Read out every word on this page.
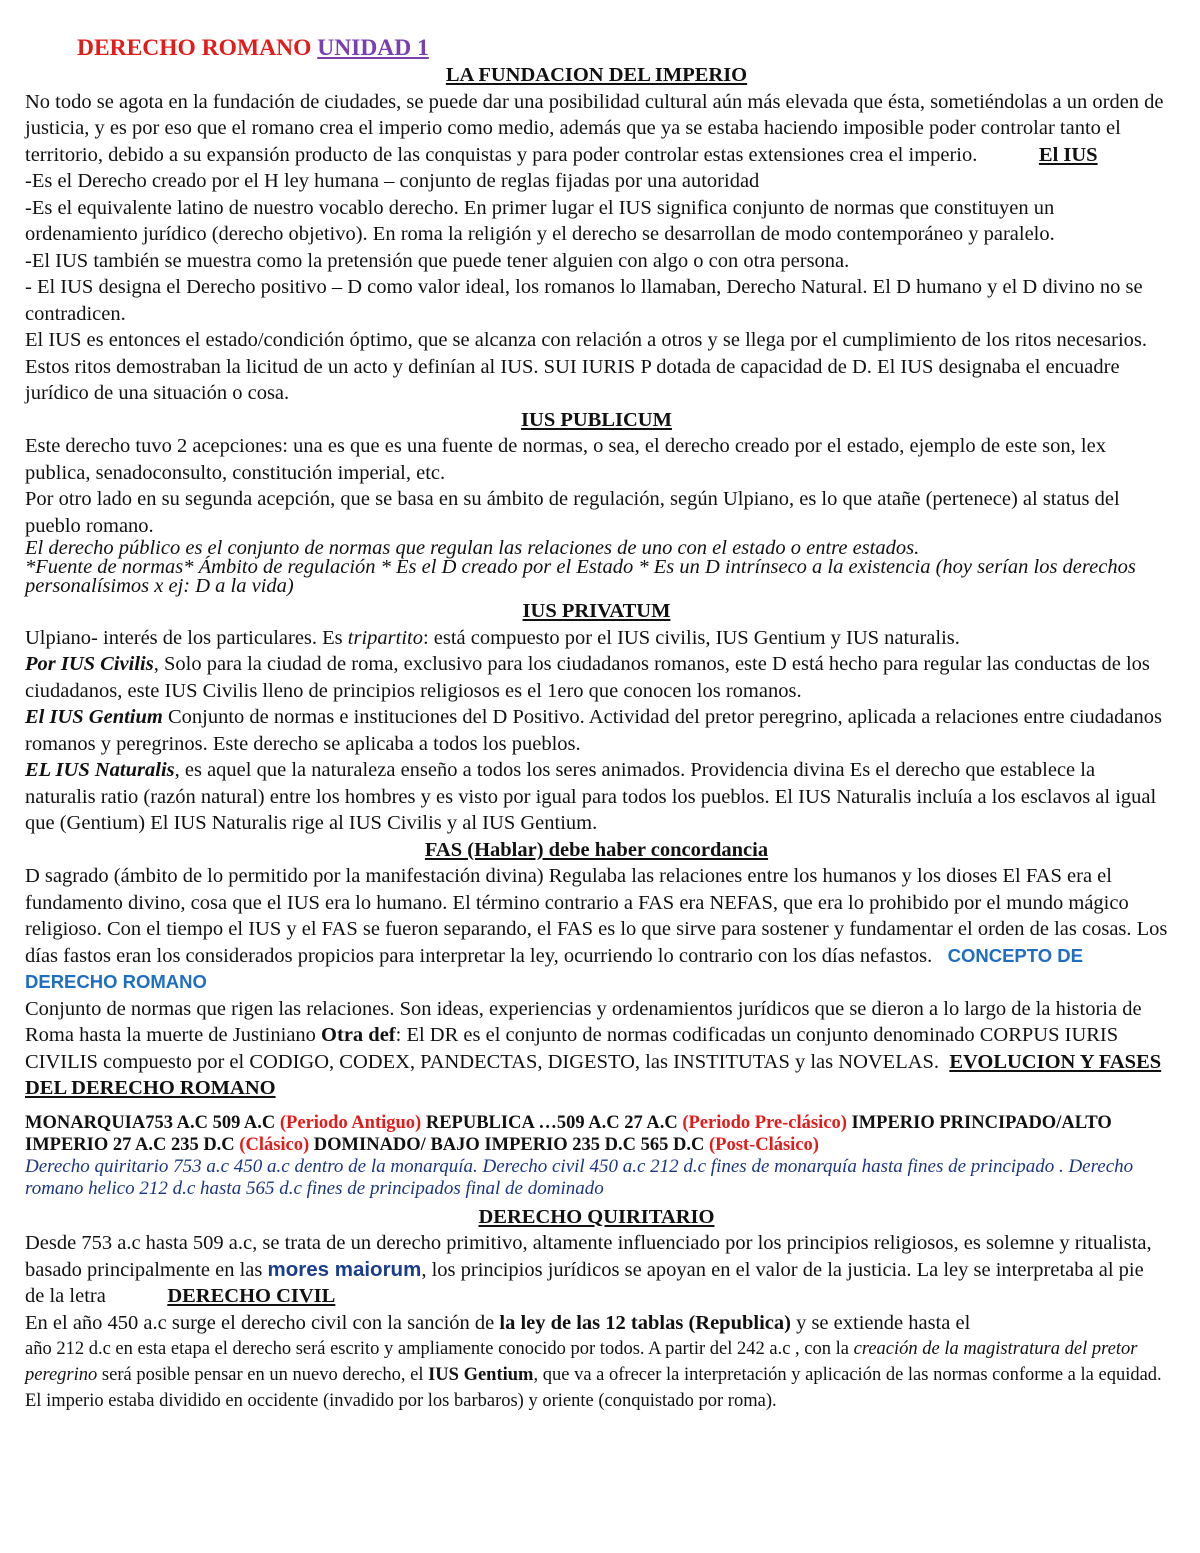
DERECHO ROMANO UNIDAD 1

LA FUNDACION DEL IMPERIO

No todo se agota en la fundación de ciudades, se puede dar una posibilidad cultural aún más elevada que ésta, sometiéndolas a un orden de justicia, y es por eso que el romano crea el imperio como medio, además que ya se estaba haciendo imposible poder controlar tanto el territorio, debido a su expansión producto de las conquistas y para poder controlar estas extensiones crea el imperio.	El IUS

-Es el Derecho creado por el H ley humana – conjunto de reglas fijadas por una autoridad

-Es el equivalente latino de nuestro vocablo derecho. En primer lugar el IUS significa conjunto de normas que constituyen un ordenamiento jurídico (derecho objetivo). En roma la religión y el derecho se desarrollan de modo contemporáneo y paralelo.

-El IUS también se muestra como la pretensión que puede tener alguien con algo o con otra persona.

- El IUS designa el Derecho positivo – D como valor ideal, los romanos lo llamaban, Derecho Natural. El D humano y el D divino no se contradicen.

El IUS es entonces el estado/condición óptimo, que se alcanza con relación a otros y se llega por el cumplimiento de los ritos necesarios. Estos ritos demostraban la licitud de un acto y definían al IUS. SUI IURIS P dotada de capacidad de D. El IUS designaba el encuadre jurídico de una situación o cosa.

IUS PUBLICUM

Este derecho tuvo 2 acepciones: una es que es una fuente de normas, o sea, el derecho creado por el estado, ejemplo de este son, lex publica, senadoconsulto, constitución imperial, etc.

Por otro lado en su segunda acepción, que se basa en su ámbito de regulación, según Ulpiano, es lo que atañe (pertenece) al status del pueblo romano.

El derecho público es el conjunto de normas que regulan las relaciones de uno con el estado o entre estados.

*Fuente de normas* Ámbito de regulación * Es el D creado por el Estado * Es un D intrínseco a la existencia (hoy serían los derechos personalísimos x ej: D a la vida)

IUS PRIVATUM

Ulpiano- interés de los particulares. Es tripartito: está compuesto por el IUS civilis, IUS Gentium y IUS naturalis.

Por IUS Civilis, Solo para la ciudad de roma, exclusivo para los ciudadanos romanos, este D está hecho para regular las conductas de los ciudadanos, este IUS Civilis lleno de principios religiosos es el 1ero que conocen los romanos.

El IUS Gentium Conjunto de normas e instituciones del D Positivo. Actividad del pretor peregrino, aplicada a relaciones entre ciudadanos romanos y peregrinos. Este derecho se aplicaba a todos los pueblos.

EL IUS Naturalis, es aquel que la naturaleza enseño a todos los seres animados. Providencia divina Es el derecho que establece la naturalis ratio (razón natural) entre los hombres y es visto por igual para todos los pueblos. El IUS Naturalis incluía a los esclavos al igual que (Gentium) El IUS Naturalis rige al IUS Civilis y al IUS Gentium.

FAS (Hablar) debe haber concordancia

D sagrado (ámbito de lo permitido por la manifestación divina) Regulaba las relaciones entre los humanos y los dioses El FAS era el fundamento divino, cosa que el IUS era lo humano. El término contrario a FAS era NEFAS, que era lo prohibido por el mundo mágico religioso. Con el tiempo el IUS y el FAS se fueron separando, el FAS es lo que sirve para sostener y fundamentar el orden de las cosas. Los días fastos eran los considerados propicios para interpretar la ley, ocurriendo lo contrario con los días nefastos. CONCEPTO DE DERECHO ROMANO

Conjunto de normas que rigen las relaciones. Son ideas, experiencias y ordenamientos jurídicos que se dieron a lo largo de la historia de Roma hasta la muerte de Justiniano Otra def: El DR es el conjunto de normas codificadas un conjunto denominado CORPUS IURIS CIVILIS compuesto por el CODIGO, CODEX, PANDECTAS, DIGESTO, las INSTITUTAS y las NOVELAS. EVOLUCION Y FASES DEL DERECHO ROMANO

MONARQUIA753 A.C 509 A.C (Periodo Antiguo) REPUBLICA …509 A.C 27 A.C (Periodo Pre-clásico) IMPERIO PRINCIPADO/ALTO IMPERIO 27 A.C 235 D.C (Clásico) DOMINADO/ BAJO IMPERIO 235 D.C 565 D.C (Post-Clásico)

Derecho quiritario 753 a.c 450 a.c dentro de la monarquía. Derecho civil 450 a.c 212 d.c fines de monarquía hasta fines de principado . Derecho romano helico 212 d.c hasta 565 d.c fines de principados final de dominado

DERECHO QUIRITARIO

Desde 753 a.c hasta 509 a.c, se trata de un derecho primitivo, altamente influenciado por los principios religiosos, es solemne y ritualista, basado principalmente en las mores maiorum, los principios jurídicos se apoyan en el valor de la justicia. La ley se interpretaba al pie de la letra	DERECHO CIVIL

En el año 450 a.c surge el derecho civil con la sanción de la ley de las 12 tablas (Republica) y se extiende hasta el

año 212 d.c en esta etapa el derecho será escrito y ampliamente conocido por todos. A partir del 242 a.c , con la creación de la magistratura del pretor peregrino será posible pensar en un nuevo derecho, el IUS Gentium, que va a ofrecer la interpretación y aplicación de las normas conforme a la equidad. El imperio estaba dividido en occidente (invadido por los barbaros) y oriente (conquistado por roma).
